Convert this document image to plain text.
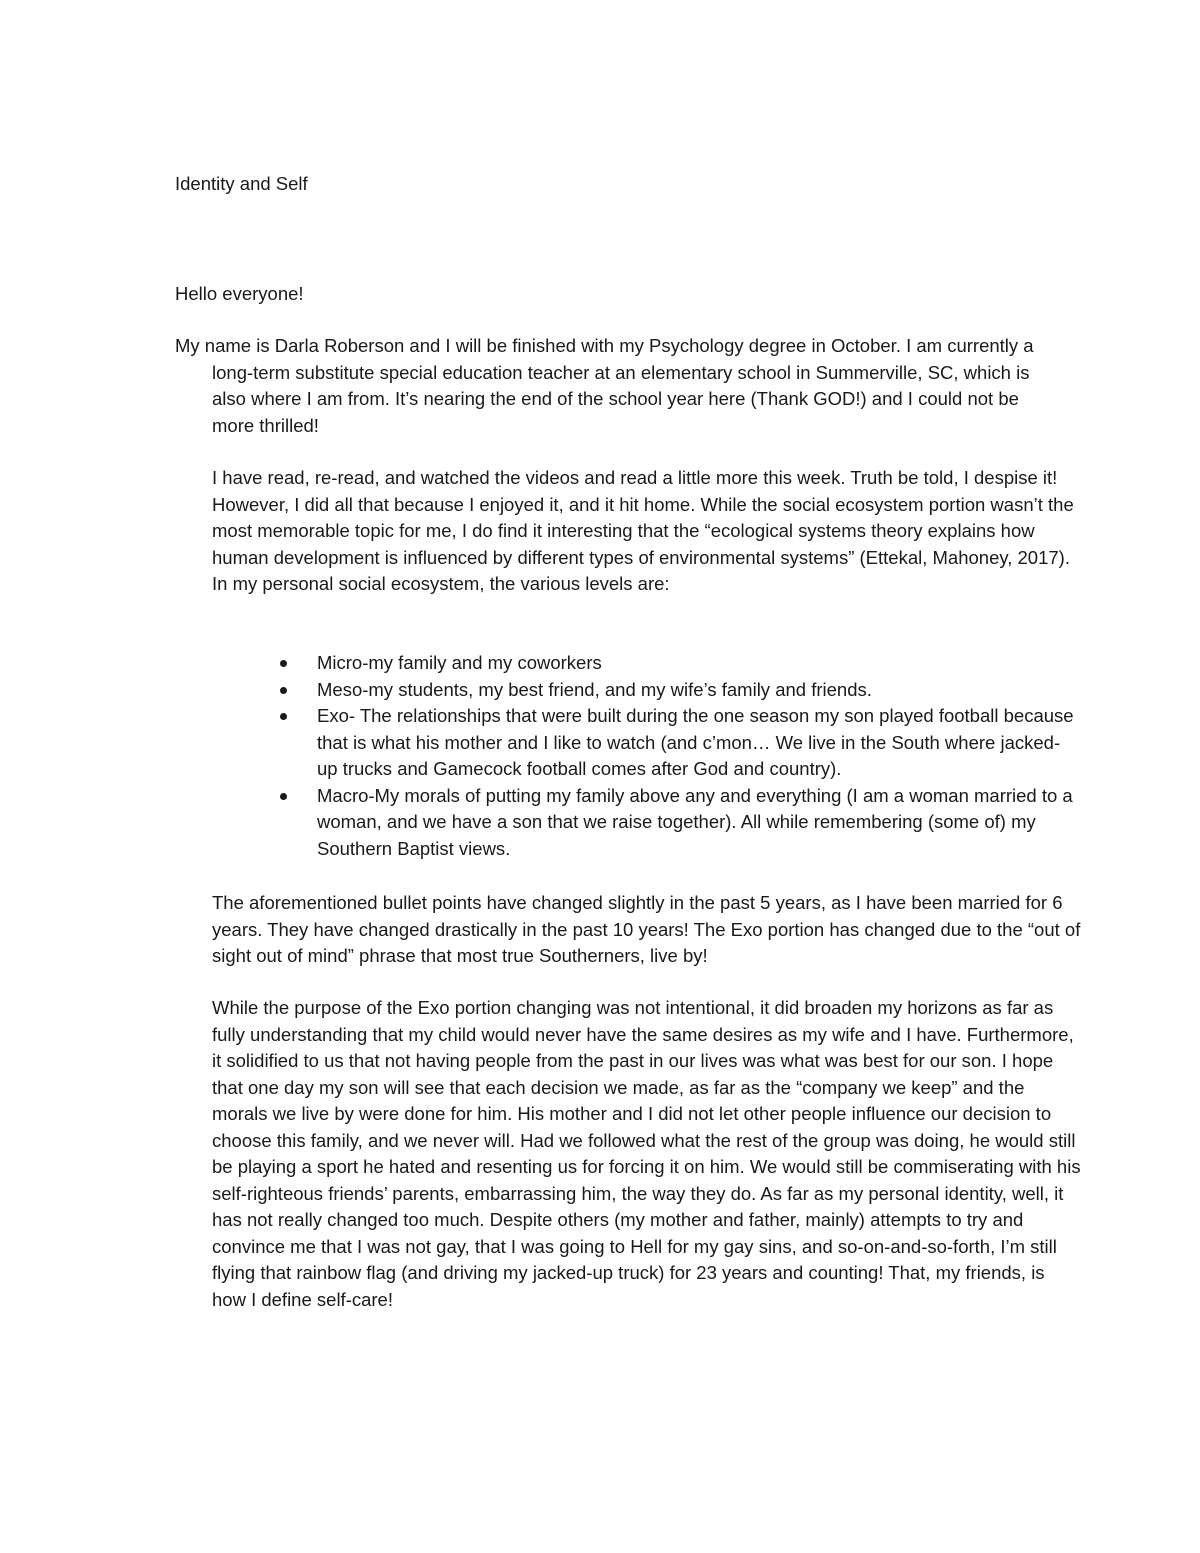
Identity and Self
Hello everyone!

My name is Darla Roberson and I will be finished with my Psychology degree in October. I am currently a long-term substitute special education teacher at an elementary school in Summerville, SC, which is also where I am from. It’s nearing the end of the school year here (Thank GOD!) and I could not be more thrilled!

I have read, re-read, and watched the videos and read a little more this week. Truth be told, I despise it! However, I did all that because I enjoyed it, and it hit home. While the social ecosystem portion wasn’t the most memorable topic for me, I do find it interesting that the “ecological systems theory explains how human development is influenced by different types of environmental systems” (Ettekal, Mahoney, 2017). In my personal social ecosystem, the various levels are:

Micro-my family and my coworkers
Meso-my students, my best friend, and my wife’s family and friends.
Exo- The relationships that were built during the one season my son played football because that is what his mother and I like to watch (and c’mon… We live in the South where jacked-up trucks and Gamecock football comes after God and country).
Macro-My morals of putting my family above any and everything (I am a woman married to a woman, and we have a son that we raise together). All while remembering (some of) my Southern Baptist views.

The aforementioned bullet points have changed slightly in the past 5 years, as I have been married for 6 years. They have changed drastically in the past 10 years! The Exo portion has changed due to the “out of sight out of mind” phrase that most true Southerners, live by!

While the purpose of the Exo portion changing was not intentional, it did broaden my horizons as far as fully understanding that my child would never have the same desires as my wife and I have. Furthermore, it solidified to us that not having people from the past in our lives was what was best for our son. I hope that one day my son will see that each decision we made, as far as the “company we keep” and the morals we live by were done for him. His mother and I did not let other people influence our decision to choose this family, and we never will. Had we followed what the rest of the group was doing, he would still be playing a sport he hated and resenting us for forcing it on him. We would still be commiserating with his self-righteous friends’ parents, embarrassing him, the way they do. As far as my personal identity, well, it has not really changed too much. Despite others (my mother and father, mainly) attempts to try and convince me that I was not gay, that I was going to Hell for my gay sins, and so-on-and-so-forth, I’m still flying that rainbow flag (and driving my jacked-up truck) for 23 years and counting! That, my friends, is how I define self-care!
